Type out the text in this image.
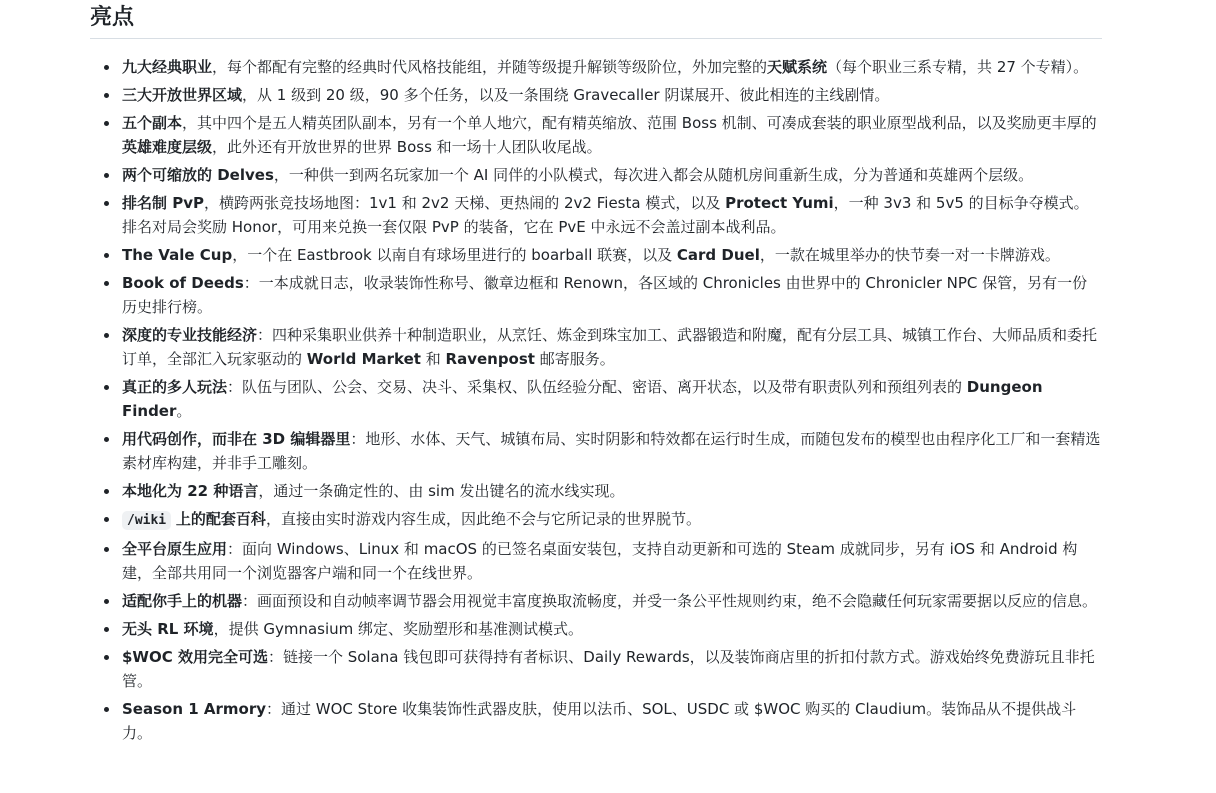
亮点
九大经典职业，每个都配有完整的经典时代风格技能组，并随等级提升解锁等级阶位，外加完整的天赋系统（每个职业三系专精，共 27 个专精）。
三大开放世界区域，从 1 级到 20 级，90 多个任务，以及一条围绕 Gravecaller 阴谋展开、彼此相连的主线剧情。
五个副本，其中四个是五人精英团队副本，另有一个单人地穴，配有精英缩放、范围 Boss 机制、可凑成套装的职业原型战利品，以及奖励更丰厚的英雄难度层级，此外还有开放世界的世界 Boss 和一场十人团队收尾战。
两个可缩放的 Delves，一种供一到两名玩家加一个 AI 同伴的小队模式，每次进入都会从随机房间重新生成，分为普通和英雄两个层级。
排名制 PvP，横跨两张竞技场地图：1v1 和 2v2 天梯、更热闹的 2v2 Fiesta 模式，以及 Protect Yumi，一种 3v3 和 5v5 的目标争夺模式。排名对局会奖励 Honor，可用来兑换一套仅限 PvP 的装备，它在 PvE 中永远不会盖过副本战利品。
The Vale Cup，一个在 Eastbrook 以南自有球场里进行的 boarball 联赛，以及 Card Duel，一款在城里举办的快节奏一对一卡牌游戏。
Book of Deeds：一本成就日志，收录装饰性称号、徽章边框和 Renown，各区域的 Chronicles 由世界中的 Chronicler NPC 保管，另有一份历史排行榜。
深度的专业技能经济：四种采集职业供养十种制造职业，从烹饪、炼金到珠宝加工、武器锻造和附魔，配有分层工具、城镇工作台、大师品质和委托订单，全部汇入玩家驱动的 World Market 和 Ravenpost 邮寄服务。
真正的多人玩法：队伍与团队、公会、交易、决斗、采集权、队伍经验分配、密语、离开状态，以及带有职责队列和预组列表的 Dungeon Finder。
用代码创作，而非在 3D 编辑器里：地形、水体、天气、城镇布局、实时阴影和特效都在运行时生成，而随包发布的模型也由程序化工厂和一套精选素材库构建，并非手工雕刻。
本地化为 22 种语言，通过一条确定性的、由 sim 发出键名的流水线实现。
/wiki 上的配套百科，直接由实时游戏内容生成，因此绝不会与它所记录的世界脱节。
全平台原生应用：面向 Windows、Linux 和 macOS 的已签名桌面安装包，支持自动更新和可选的 Steam 成就同步，另有 iOS 和 Android 构建，全部共用同一个浏览器客户端和同一个在线世界。
适配你手上的机器：画面预设和自动帧率调节器会用视觉丰富度换取流畅度，并受一条公平性规则约束，绝不会隐藏任何玩家需要据以反应的信息。
无头 RL 环境，提供 Gymnasium 绑定、奖励塑形和基准测试模式。
$WOC 效用完全可选：链接一个 Solana 钱包即可获得持有者标识、Daily Rewards，以及装饰商店里的折扣付款方式。游戏始终免费游玩且非托管。
Season 1 Armory：通过 WOC Store 收集装饰性武器皮肤，使用以法币、SOL、USDC 或 $WOC 购买的 Claudium。装饰品从不提供战斗力。
